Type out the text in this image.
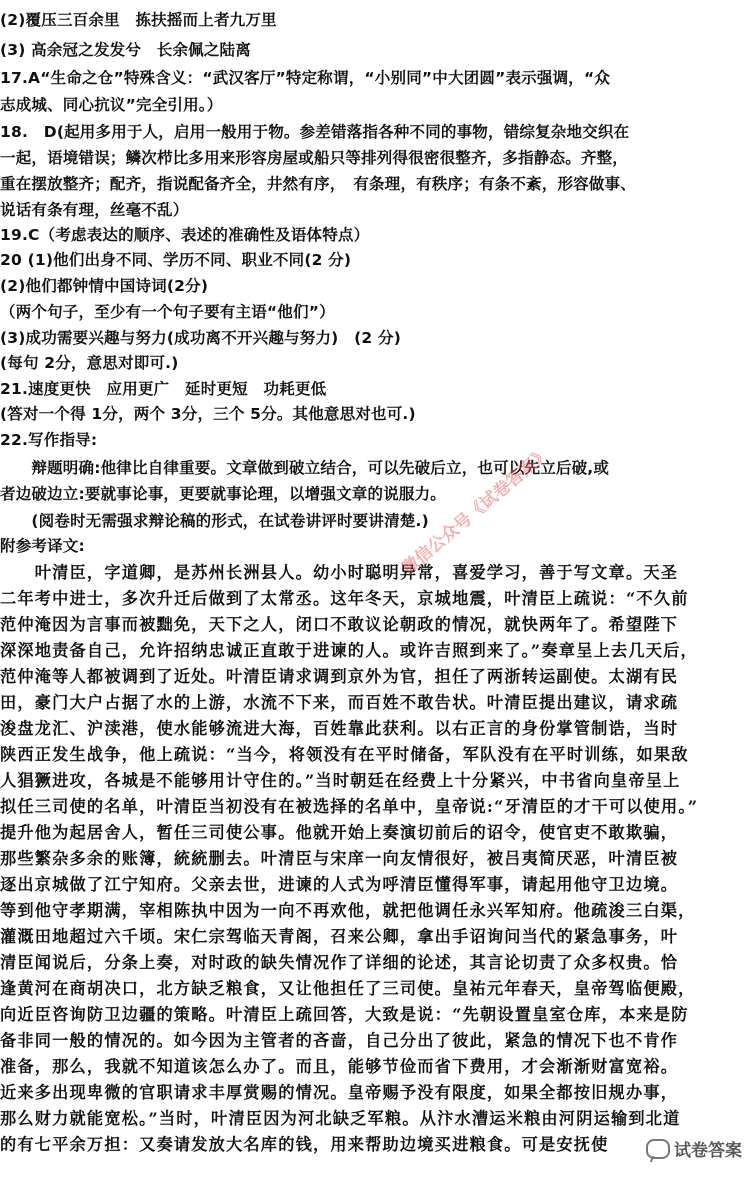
(2)覆压三百余里　拣扶摇而上者九万里
(3) 高余冠之发发兮　长余佩之陆离
17.A“生命之仓”特殊含义：“武汉客厅”特定称谓，“小别同”中大团圆”表示强调，“众
志成城、同心抗议”完全引用。）
18.　D(起用多用于人，启用一般用于物。参差错落指各种不同的事物，错综复杂地交织在
一起，语境错误；鳞次栉比多用来形容房屋或船只等排列得很密很整齐，多指静态。齐整，
重在摆放整齐；配齐，指说配备齐全，井然有序，　有条理，有秩序；有条不紊，形容做事、
说话有条有理，丝毫不乱）
19.C（考虑表达的顺序、表述的准确性及语体特点）
20 (1)他们出身不同、学历不同、职业不同(2 分)
(2)他们都钟情中国诗词(2分)
（两个句子，至少有一个句子要有主语“他们”）
(3)成功需要兴趣与努力(成功离不开兴趣与努力)　(2 分)
(每句 2分，意思对即可.)
21.速度更快　应用更广　延时更短　功耗更低
(答对一个得 1分，两个 3分，三个 5分。其他意思对也可.)
22.写作指导:
　　辩题明确:他律比自律重要。文章做到破立结合，可以先破后立，也可以先立后破,或
者边破边立:要就事论事，更要就事论理，以增强文章的说服力。
　　(阅卷时无需强求辩论稿的形式，在试卷讲评时要讲清楚.)
附参考译文:
　　叶清臣，字道卿，是苏州长洲县人。幼小时聪明异常，喜爱学习，善于写文章。天圣
二年考中进士，多次升迁后做到了太常丞。这年冬天，京城地震，叶清臣上疏说：“不久前
范仲淹因为言事而被黜免，天下之人，闭口不敢议论朝政的情况，就快两年了。希望陛下
深深地责备自己，允许招纳忠诚正直敢于进谏的人。或许吉照到来了。”奏章呈上去几天后，
范仲淹等人都被调到了近处。叶清臣请求调到京外为官，担任了两浙转运副使。太湖有民
田，豪门大户占据了水的上游，水流不下来，而百姓不敢告状。叶清臣提出建议，请求疏
浚盘龙汇、沪渎港，使水能够流进大海，百姓靠此获利。以右正言的身份掌管制诰，当时
陕西正发生战争，他上疏说：“当今，将领没有在平时储备，军队没有在平时训练，如果敌
人猖獗进攻，各城是不能够用计守住的。”当时朝廷在经费上十分紧兴，中书省向皇帝呈上
拟任三司使的名单，叶清臣当初没有在被选择的名单中，皇帝说:“牙清臣的才干可以使用。”
提升他为起居舍人，暂任三司使公事。他就开始上奏演切前后的诏令，使官吏不敢欺骗，
那些繁杂多余的账簿，統統删去。叶清臣与宋庠一向友情很好，被吕夷简厌恶，叶清臣被
逐出京城做了江宁知府。父亲去世，进谏的人式为呼清臣懂得军事，请起用他守卫边境。
等到他守孝期满，宰相陈执中因为一向不再欢他，就把他调任永兴军知府。他疏浚三白渠，
灌溉田地超过六千顷。宋仁宗驾临天青阁，召来公卿，拿出手诏询问当代的紧急事务，叶
清臣闻说后，分条上奏，对时政的缺失情况作了详细的论述，其言论切责了众多权贵。恰
逢黄河在商胡决口，北方缺乏粮食，又让他担任了三司使。皇祐元年春天，皇帝驾临便殿，
向近臣咨询防卫边疆的策略。叶清臣上疏回答，大致是说：“先朝设置皇室仓库，本来是防
备非同一般的情况的。如今因为主管者的吝啬，自己分出了彼此，紧急的情况下也不肯作
准备，那么，我就不知道该怎么办了。而且，能够节俭而省下费用，才会渐渐财富宽裕。
近来多出现卑微的官职请求丰厚赏赐的情况。皇帝赐予没有限度，如果全都按旧规办事，
那么财力就能宽松。”当时，叶清臣因为河北缺乏军粮。从汴水漕运米粮由河阴运输到北道
的有七平余万担：又奏请发放大名库的钱，用来帮助边境买进粮食。可是安抚使
微信公众号《试卷答案》
试卷答案
